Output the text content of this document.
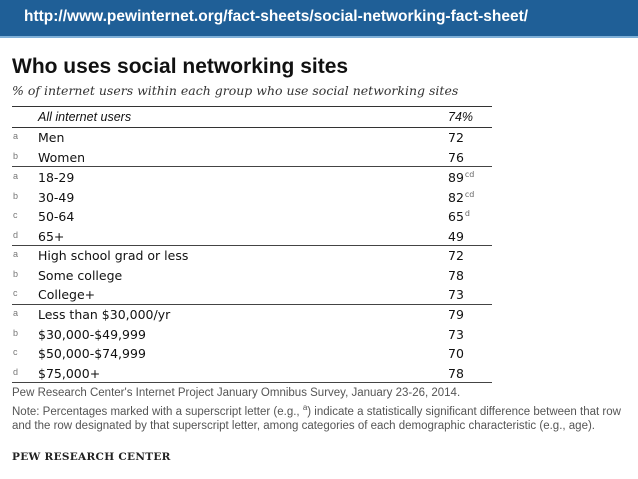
http://www.pewinternet.org/fact-sheets/social-networking-fact-sheet/
Who uses social networking sites
% of internet users within each group who use social networking sites
All internet users	74%
a Men	72
b Women	76
a 18-29	$89^{cd}$
b 30-49	$82^{cd}$
c 50-64	65$^d$
d 65+	49
a High school grad or less	72
b Some college	78
c College+	73
a Less than $30,000/yr	79
b $30,000-$49,999	73
c $50,000-$74,999	70
d $75,000+	78

Pew Research Center's Internet Project January Omnibus Survey, January 23-26, 2014.

Note: Percentages marked with a superscript letter (e.g., $^a$) indicate a statistically significant difference between that row and the row designated by that superscript letter, among categories of each demographic characteristic (e.g., age).

PEW RESEARCH CENTER
